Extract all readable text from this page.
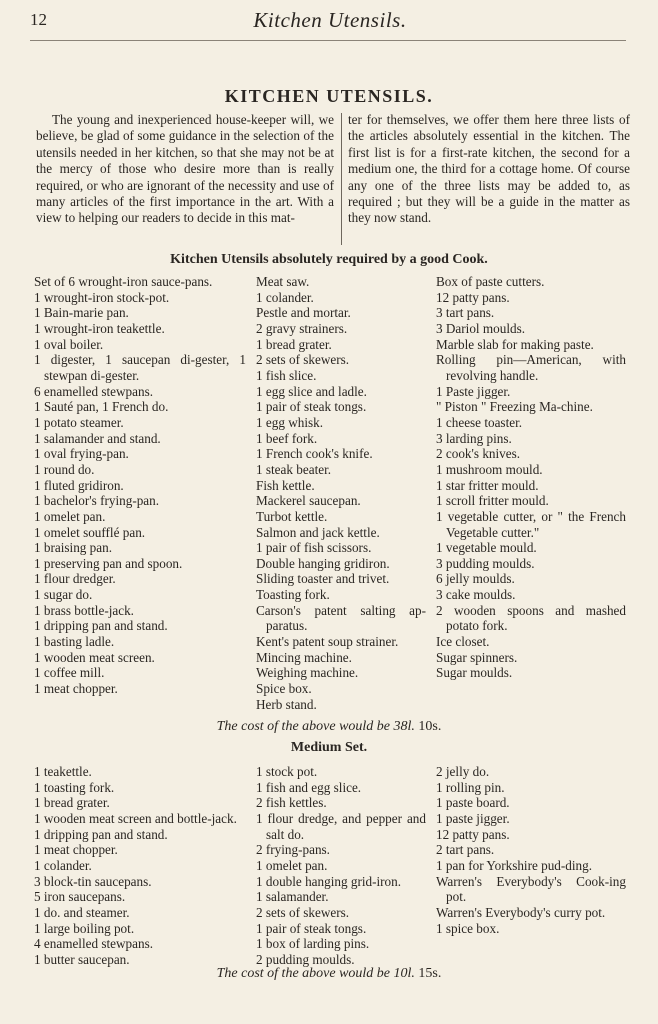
12	Kitchen Utensils.
KITCHEN UTENSILS.
The young and inexperienced house-keeper will, we believe, be glad of some guidance in the selection of the utensils needed in her kitchen, so that she may not be at the mercy of those who desire more than is really required, or who are ignorant of the necessity and use of many articles of the first importance in the art. With a view to helping our readers to decide in this mat-
ter for themselves, we offer them here three lists of the articles absolutely essential in the kitchen. The first list is for a first-rate kitchen, the second for a medium one, the third for a cottage home. Of course any one of the three lists may be added to, as required ; but they will be a guide in the matter as they now stand.
Kitchen Utensils absolutely required by a good Cook.
Set of 6 wrought-iron sauce-pans.
1 wrought-iron stock-pot.
1 Bain-marie pan.
1 wrought-iron teakettle.
1 oval boiler.
1 digester, 1 saucepan di-gester, 1 stewpan di-gester.
6 enamelled stewpans.
1 Sauté pan, 1 French do.
1 potato steamer.
1 salamander and stand.
1 oval frying-pan.
1 round do.
1 fluted gridiron.
1 bachelor's frying-pan.
1 omelet pan.
1 omelet soufflé pan.
1 braising pan.
1 preserving pan and spoon.
1 flour dredger.
1 sugar do.
1 brass bottle-jack.
1 dripping pan and stand.
1 basting ladle.
1 wooden meat screen.
1 coffee mill.
1 meat chopper.
Meat saw.
1 colander.
Pestle and mortar.
2 gravy strainers.
1 bread grater.
2 sets of skewers.
1 fish slice.
1 egg slice and ladle.
1 pair of steak tongs.
1 egg whisk.
1 beef fork.
1 French cook's knife.
1 steak beater.
Fish kettle.
Mackerel saucepan.
Turbot kettle.
Salmon and jack kettle.
1 pair of fish scissors.
Double hanging gridiron.
Sliding toaster and trivet.
Toasting fork.
Carson's patent salting ap-paratus.
Kent's patent soup strainer.
Mincing machine.
Weighing machine.
Spice box.
Herb stand.
Box of paste cutters.
12 patty pans.
3 tart pans.
3 Dariol moulds.
Marble slab for making paste.
Rolling pin—American, with revolving handle.
1 Paste jigger.
" Piston " Freezing Ma-chine.
1 cheese toaster.
3 larding pins.
2 cook's knives.
1 mushroom mould.
1 star fritter mould.
1 scroll fritter mould.
1 vegetable cutter, or " the French Vegetable cutter."
1 vegetable mould.
3 pudding moulds.
6 jelly moulds.
3 cake moulds.
2 wooden spoons and mashed potato fork.
Ice closet.
Sugar spinners.
Sugar moulds.
The cost of the above would be 38l. 10s.
Medium Set.
1 teakettle.
1 toasting fork.
1 bread grater.
1 wooden meat screen and bottle-jack.
1 dripping pan and stand.
1 meat chopper.
1 colander.
3 block-tin saucepans.
5 iron saucepans.
1 do. and steamer.
1 large boiling pot.
4 enamelled stewpans.
1 butter saucepan.
1 stock pot.
1 fish and egg slice.
2 fish kettles.
1 flour dredge, and pepper and salt do.
2 frying-pans.
1 omelet pan.
1 double hanging grid-iron.
1 salamander.
2 sets of skewers.
1 pair of steak tongs.
1 box of larding pins.
2 pudding moulds.
2 jelly do.
1 rolling pin.
1 paste board.
1 paste jigger.
12 patty pans.
2 tart pans.
1 pan for Yorkshire pud-ding.
Warren's Everybody's Cook-ing pot.
Warren's Everybody's curry pot.
1 spice box.
The cost of the above would be 10l. 15s.
